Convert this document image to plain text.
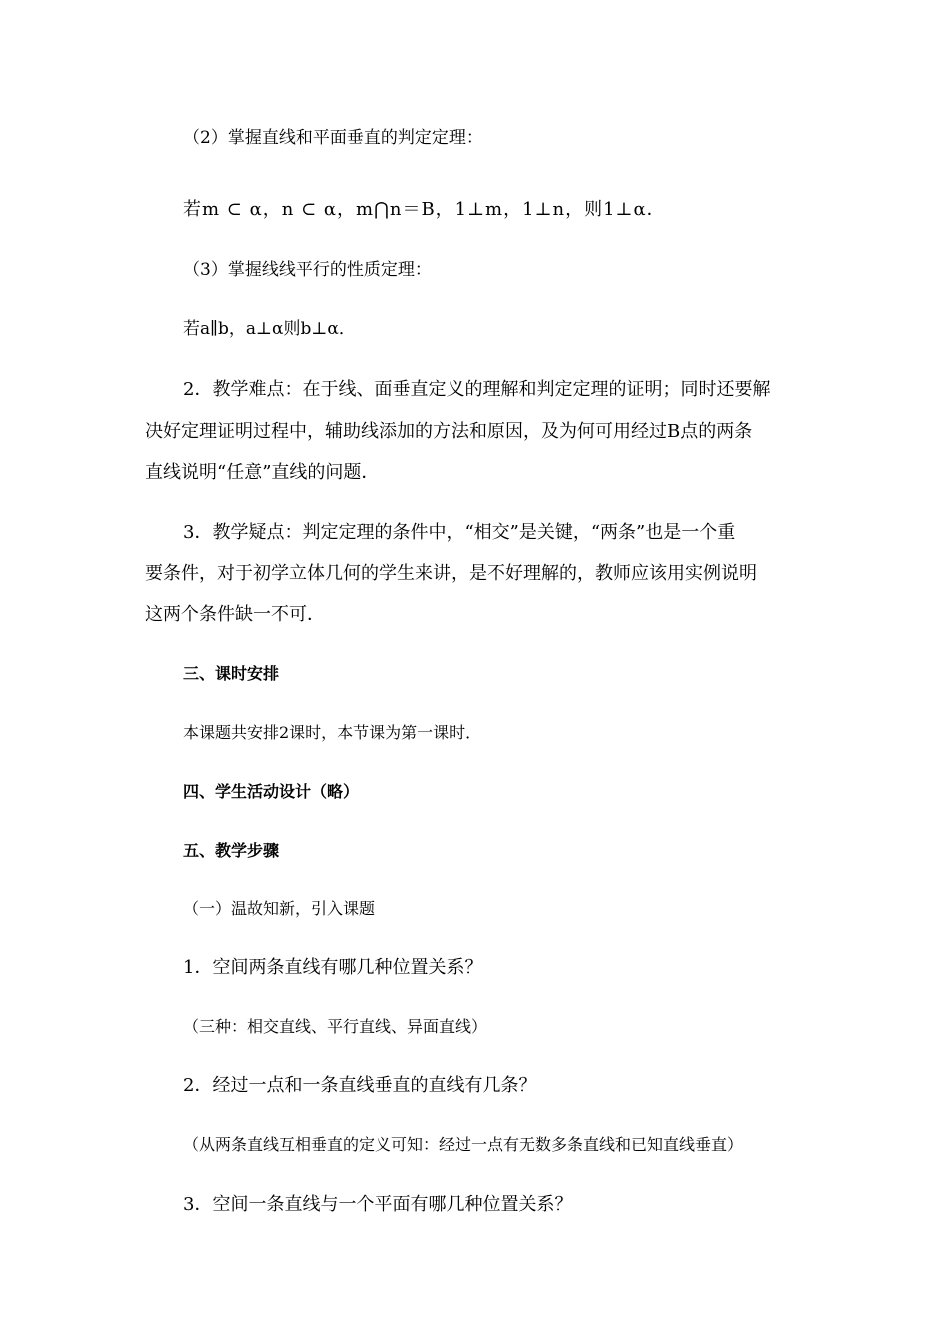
（2）掌握直线和平面垂直的判定定理：
若m ⊂ α，n ⊂ α，m⋂n＝B，1⊥m，1⊥n，则1⊥α．
（3）掌握线线平行的性质定理：
若a∥b，a⊥α则b⊥α．
2．教学难点：在于线、面垂直定义的理解和判定定理的证明；同时还要解
决好定理证明过程中，辅助线添加的方法和原因，及为何可用经过B点的两条
直线说明“任意”直线的问题．
3．教学疑点：判定定理的条件中，“相交”是关键，“两条”也是一个重
要条件，对于初学立体几何的学生来讲，是不好理解的，教师应该用实例说明
这两个条件缺一不可．
三、课时安排
本课题共安排2课时，本节课为第一课时．
四、学生活动设计（略）
五、教学步骤
（一）温故知新，引入课题
1．空间两条直线有哪几种位置关系？
（三种：相交直线、平行直线、异面直线）
2．经过一点和一条直线垂直的直线有几条？
（从两条直线互相垂直的定义可知：经过一点有无数多条直线和已知直线垂直）
3．空间一条直线与一个平面有哪几种位置关系？
